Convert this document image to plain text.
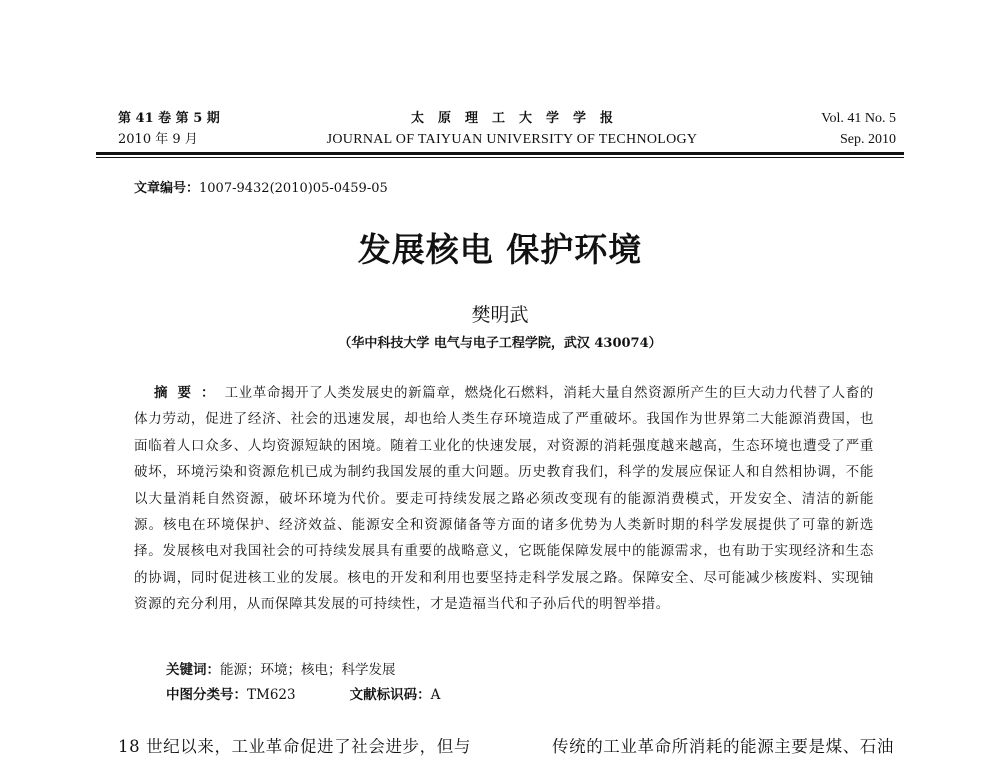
第 41 卷 第 5 期
2010 年 9 月
太原理工大学学报
JOURNAL OF TAIYUAN UNIVERSITY OF TECHNOLOGY
Vol. 41 No. 5
Sep. 2010
文章编号：1007-9432(2010)05-0459-05
发展核电 保护环境
樊明武
（华中科技大学 电气与电子工程学院，武汉 430074）
摘要：工业革命揭开了人类发展史的新篇章，燃烧化石燃料，消耗大量自然资源所产生的巨大动力代替了人畜的体力劳动，促进了经济、社会的迅速发展，却也给人类生存环境造成了严重破坏。我国作为世界第二大能源消费国，也面临着人口众多、人均资源短缺的困境。随着工业化的快速发展，对资源的消耗强度越来越高，生态环境也遭受了严重破坏，环境污染和资源危机已成为制约我国发展的重大问题。历史教育我们，科学的发展应保证人和自然相协调，不能以大量消耗自然资源，破坏环境为代价。要走可持续发展之路必须改变现有的能源消费模式，开发安全、清洁的新能源。核电在环境保护、经济效益、能源安全和资源储备等方面的诸多优势为人类新时期的科学发展提供了可靠的新选择。发展核电对我国社会的可持续发展具有重要的战略意义，它既能保障发展中的能源需求，也有助于实现经济和生态的协调，同时促进核工业的发展。核电的开发和利用也要坚持走科学发展之路。保障安全、尽可能减少核废料、实现铀资源的充分利用，从而保障其发展的可持续性，才是造福当代和子孙后代的明智举措。
关键词：能源；环境；核电；科学发展
中图分类号：TM623	文献标识码：A
18 世纪以来，工业革命促进了社会进步，但与	传统的工业革命所消耗的能源主要是煤、石油
